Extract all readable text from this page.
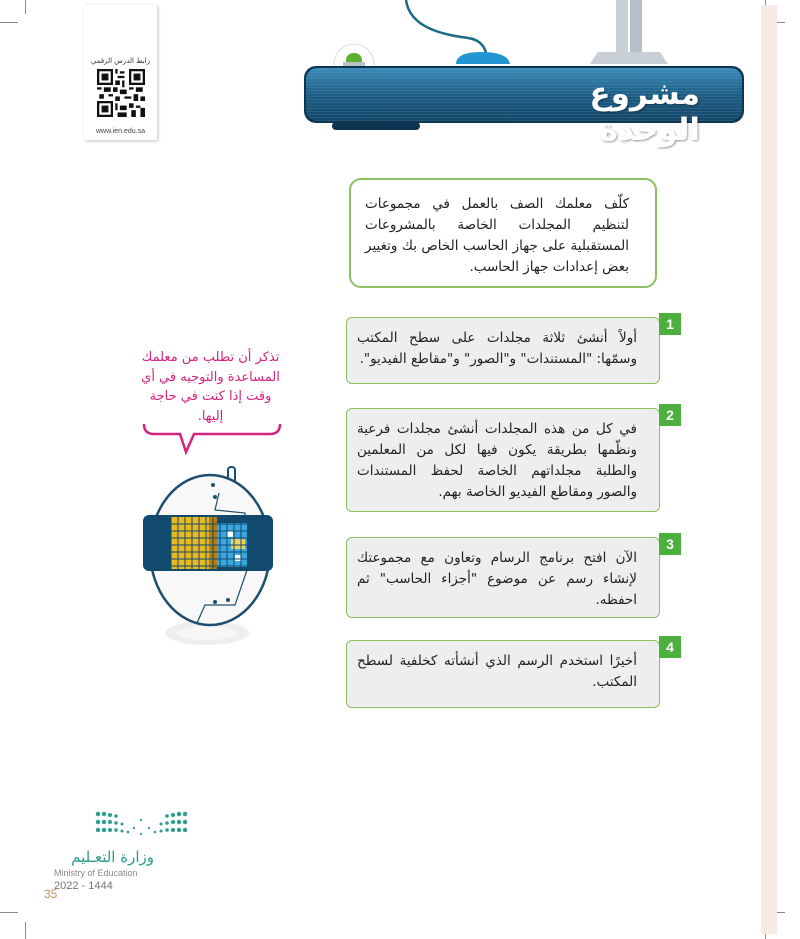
رابط الدرس الرقمي
www.ien.edu.sa
مشروع الوحدة
كلّف معلمك الصف بالعمل في مجموعات لتنظيم المجلدات الخاصة بالمشروعات المستقبلية على جهاز الحاسب الخاص بك وتغيير بعض إعدادات جهاز الحاسب.
1
أولاً أنشئ ثلاثة مجلدات على سطح المكتب وسمّها: "المستندات" و"الصور" و"مقاطع الفيديو".
2
في كل من هذه المجلدات أنشئ مجلدات فرعية ونظّمها بطريقة يكون فيها لكل من المعلمين والطلبة مجلداتهم الخاصة لحفظ المستندات والصور ومقاطع الفيديو الخاصة بهم.
3
الآن افتح برنامج الرسام وتعاون مع مجموعتك لإنشاء رسم عن موضوع "أجزاء الحاسب" ثم احفظه.
4
أخيرًا استخدم الرسم الذي أنشأته كخلفية لسطح المكتب.
تذكر أن تطلب من معلمك المساعدة والتوجيه في أي وقت إذا كنت في حاجة إليها.
وزارة التعـليم
Ministry of Education
2022 - 1444
35
